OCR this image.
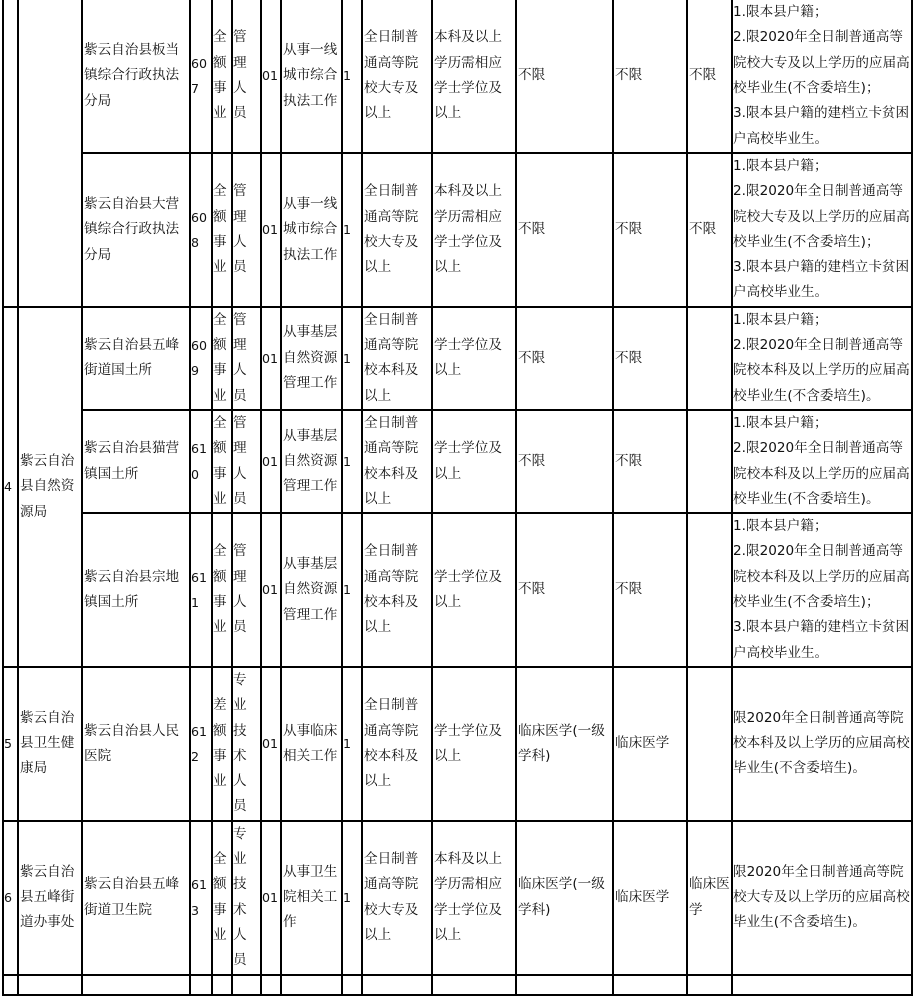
		紫云自治县板当镇综合行政执法分局	607	全额事业	管理人员	01	从事一线城市综合执法工作	1	全日制普通高等院校大专及以上	本科及以上学历需相应学士学位及以上	不限	不限	不限	1.限本县户籍；
2.限2020年全日制普通高等院校大专及以上学历的应届高校毕业生(不含委培生)；
3.限本县户籍的建档立卡贫困户高校毕业生。
		紫云自治县大营镇综合行政执法分局	608	全额事业	管理人员	01	从事一线城市综合执法工作	1	全日制普通高等院校大专及以上	本科及以上学历需相应学士学位及以上	不限	不限	不限	1.限本县户籍；
2.限2020年全日制普通高等院校大专及以上学历的应届高校毕业生(不含委培生)；
3.限本县户籍的建档立卡贫困户高校毕业生。
4	紫云自治县自然资源局	紫云自治县五峰街道国土所	609	全额事业	管理人员	01	从事基层自然资源管理工作	1	全日制普通高等院校本科及以上	学士学位及以上	不限	不限		1.限本县户籍；
2.限2020年全日制普通高等院校本科及以上学历的应届高校毕业生(不含委培生)。
		紫云自治县猫营镇国土所	610	全额事业	管理人员	01	从事基层自然资源管理工作	1	全日制普通高等院校本科及以上	学士学位及以上	不限	不限		1.限本县户籍；
2.限2020年全日制普通高等院校本科及以上学历的应届高校毕业生(不含委培生)。
		紫云自治县宗地镇国土所	611	全额事业	管理人员	01	从事基层自然资源管理工作	1	全日制普通高等院校本科及以上	学士学位及以上	不限	不限		1.限本县户籍；
2.限2020年全日制普通高等院校本科及以上学历的应届高校毕业生(不含委培生)；
3.限本县户籍的建档立卡贫困户高校毕业生。
5	紫云自治县卫生健康局	紫云自治县人民医院	612	差额事业	专业技术人员	01	从事临床相关工作	1	全日制普通高等院校本科及以上	学士学位及以上	临床医学(一级学科)	临床医学		限2020年全日制普通高等院校本科及以上学历的应届高校毕业生(不含委培生)。
6	紫云自治县五峰街道办事处	紫云自治县五峰街道卫生院	613	全额事业	专业技术人员	01	从事卫生院相关工作	1	全日制普通高等院校大专及以上	本科及以上学历需相应学士学位及以上	临床医学(一级学科)	临床医学	临床医学	限2020年全日制普通高等院校大专及以上学历的应届高校毕业生(不含委培生)。
